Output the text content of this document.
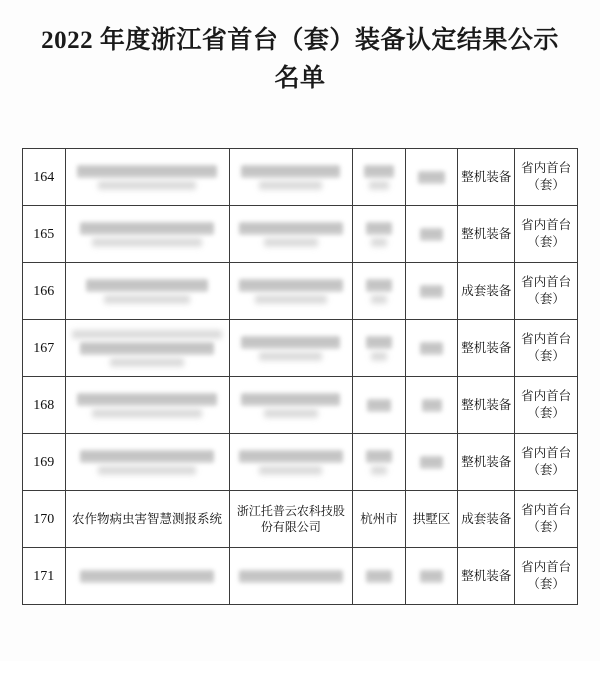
2022 年度浙江省首台（套）装备认定结果公示名单
164					整机装备	省内首台（套）
165					整机装备	省内首台（套）
166					成套装备	省内首台（套）
167					整机装备	省内首台（套）
168					整机装备	省内首台（套）
169					整机装备	省内首台（套）
170	农作物病虫害智慧测报系统	浙江托普云农科技股份有限公司	杭州市	拱墅区	成套装备	省内首台（套）
171					整机装备	省内首台（套）
